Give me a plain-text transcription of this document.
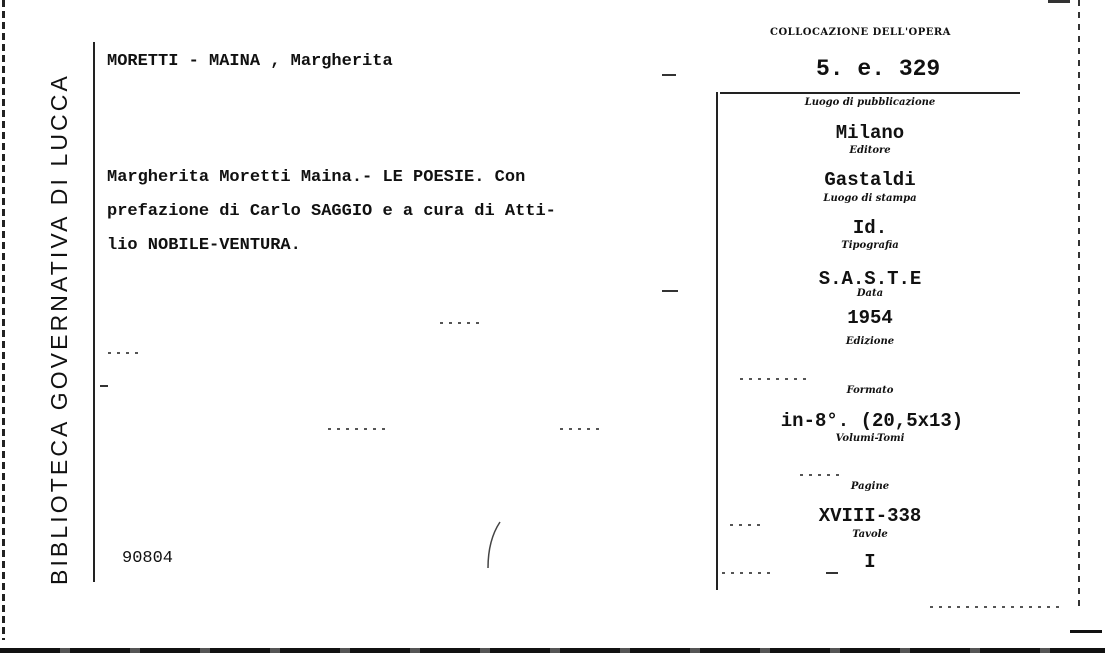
BIBLIOTECA GOVERNATIVA DI LUCCA
MORETTI - MAINA , Margherita
Margherita Moretti Maina.- LE POESIE. Con
prefazione di Carlo SAGGIO e a cura di Atti-
lio NOBILE-VENTURA.
90804
COLLOCAZIONE DELL'OPERA
5. e. 329
Luogo di pubblicazione
Milano
Editore
Gastaldi
Luogo di stampa
Id.
Tipografia
S.A.S.T.E
Data
1954
Edizione
Formato
in-8°. (20,5x13)
Volumi-Tomi
Pagine
XVIII-338
Tavole
I
